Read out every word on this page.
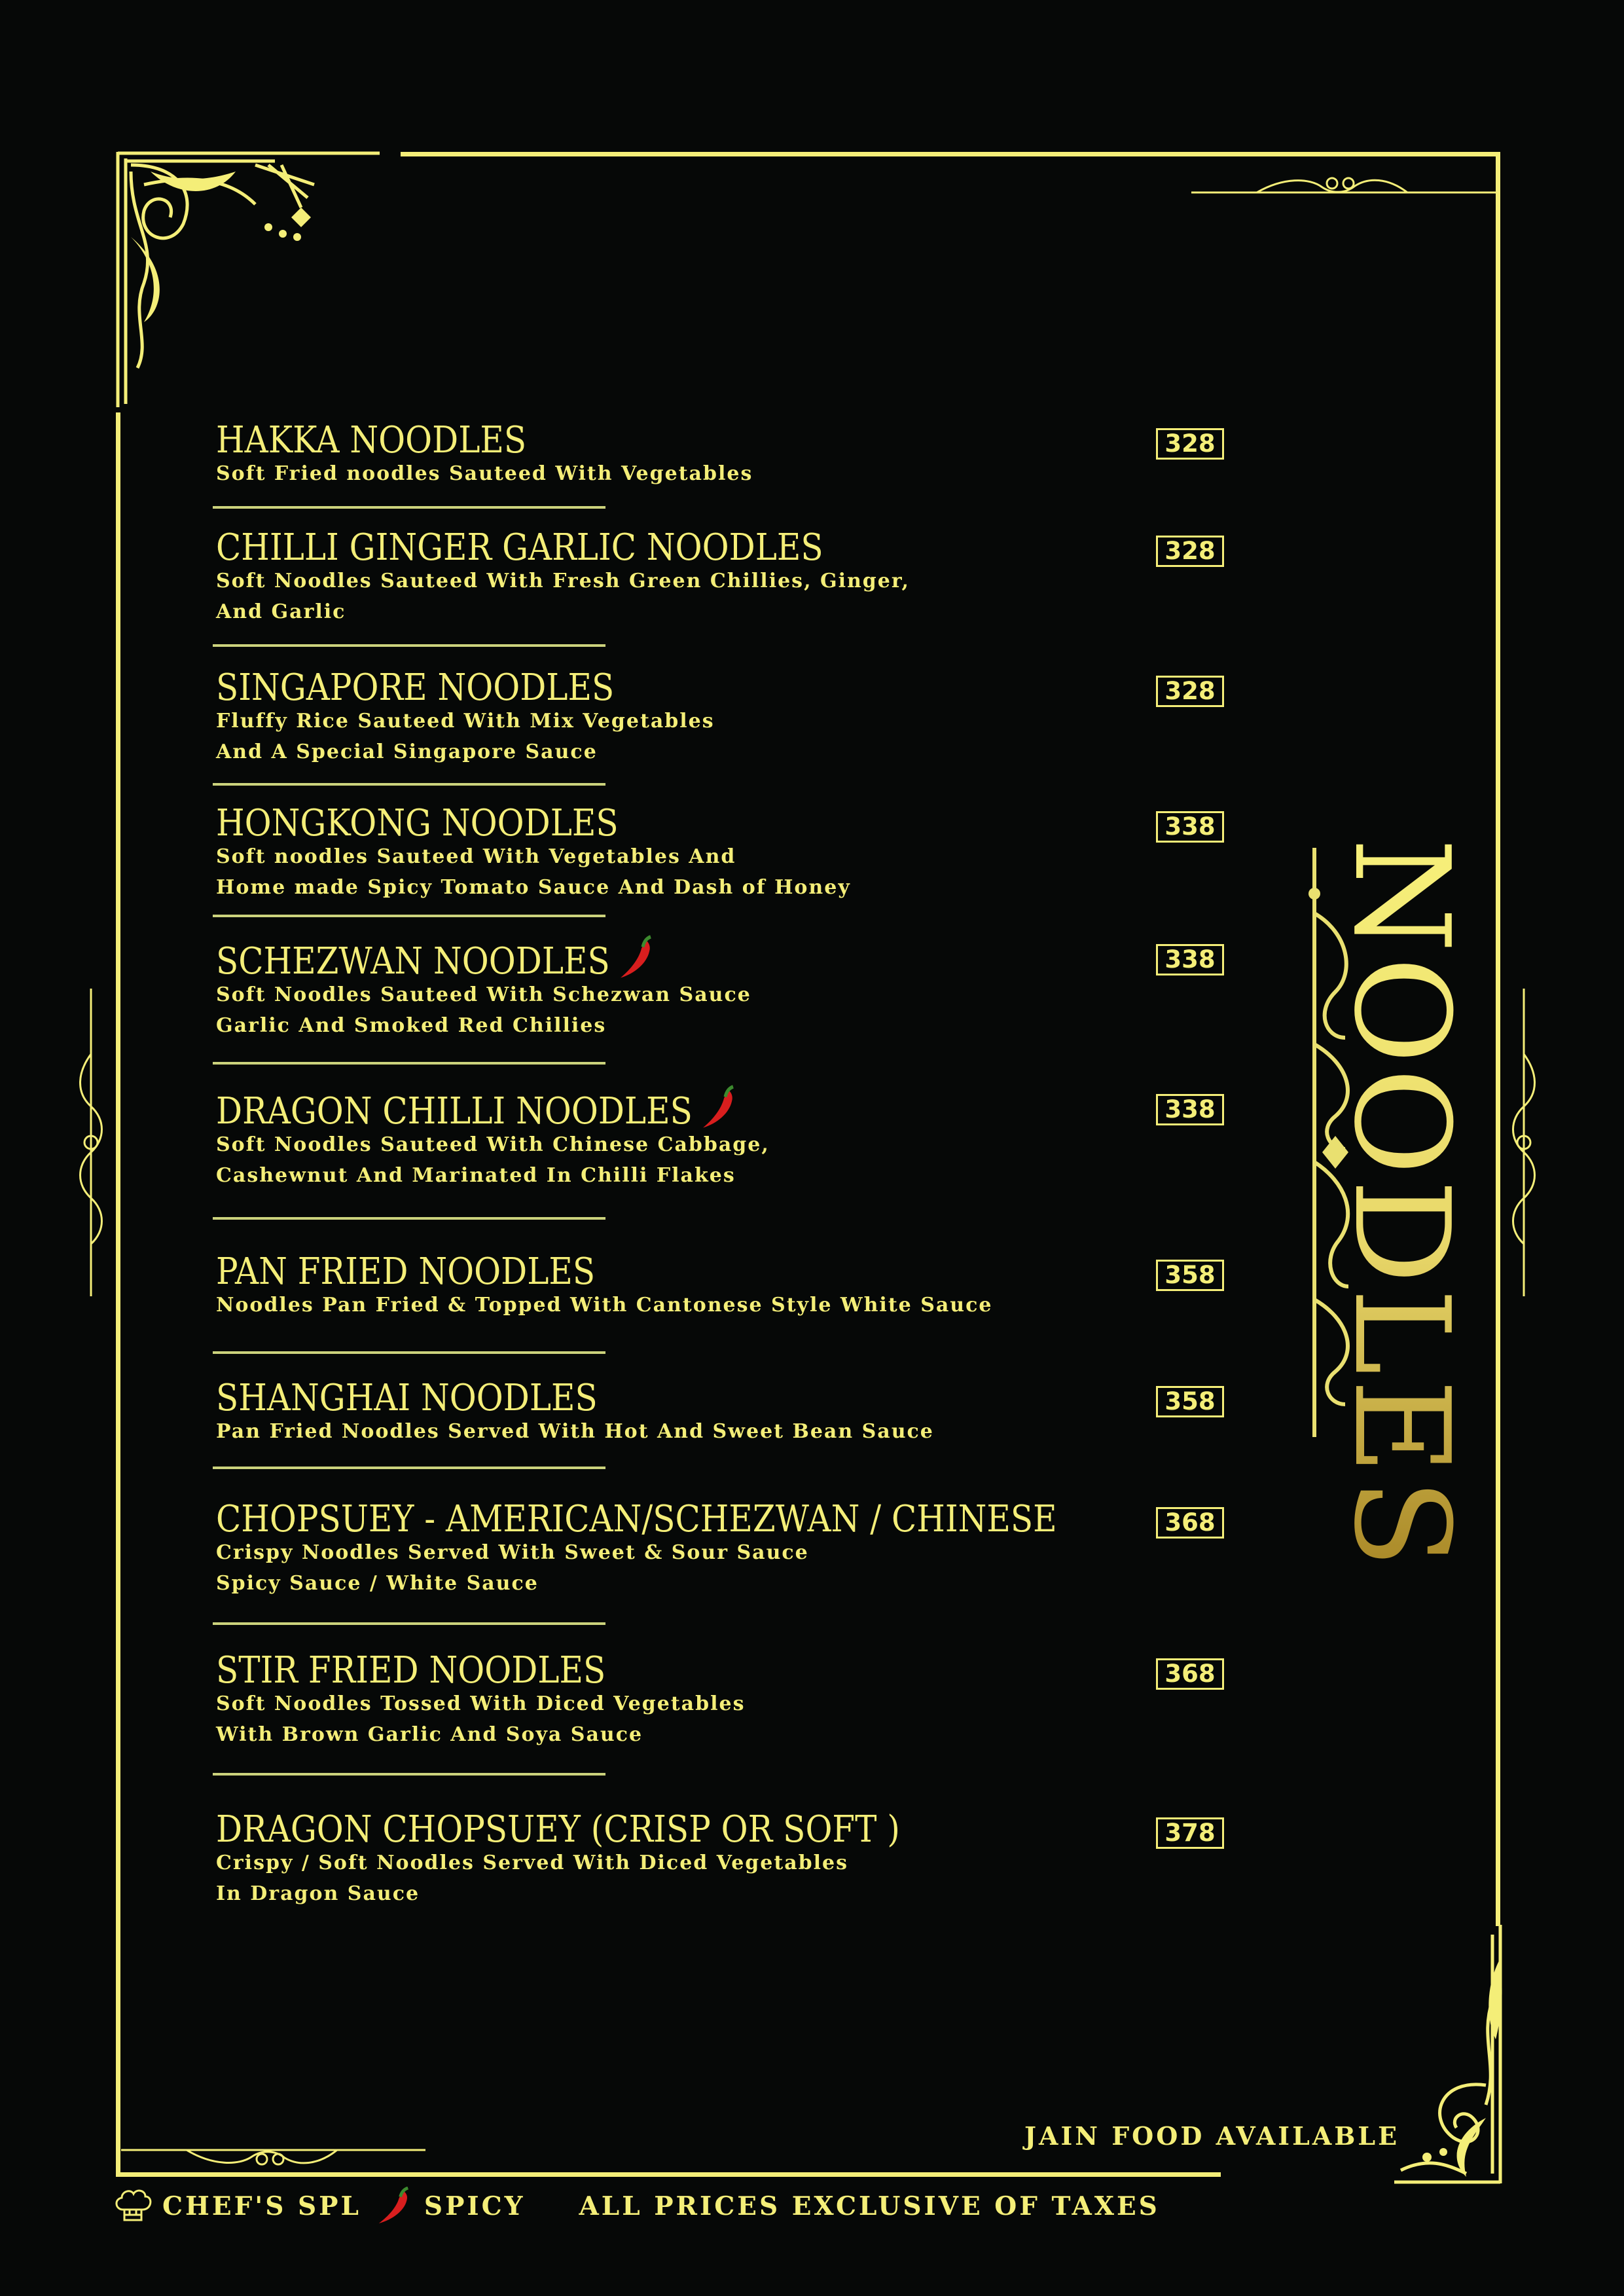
NOODLES
HAKKA NOODLES
Soft Fried noodles Sauteed With Vegetables
328
CHILLI GINGER GARLIC NOODLES
Soft Noodles Sauteed With Fresh Green Chillies, Ginger,
And Garlic
328
SINGAPORE NOODLES
Fluffy Rice Sauteed With Mix Vegetables
And A Special Singapore Sauce
328
HONGKONG NOODLES
Soft noodles Sauteed With Vegetables And
Home made Spicy Tomato Sauce And Dash of Honey
338
SCHEZWAN NOODLES
Soft Noodles Sauteed With Schezwan Sauce
Garlic And Smoked Red Chillies
338
DRAGON CHILLI NOODLES
Soft Noodles Sauteed With Chinese Cabbage,
Cashewnut And Marinated In Chilli Flakes
338
PAN FRIED NOODLES
Noodles Pan Fried & Topped With Cantonese Style White Sauce
358
SHANGHAI NOODLES
Pan Fried Noodles Served With Hot And Sweet Bean Sauce
358
CHOPSUEY - AMERICAN/SCHEZWAN / CHINESE
Crispy Noodles Served With Sweet & Sour Sauce
Spicy Sauce / White Sauce
368
STIR FRIED NOODLES
Soft Noodles Tossed With Diced Vegetables
With Brown Garlic And Soya Sauce
368
DRAGON CHOPSUEY (CRISP OR SOFT )
Crispy / Soft Noodles Served With Diced Vegetables
In Dragon Sauce
378
JAIN FOOD AVAILABLE
CHEF'S SPL SPICY ALL PRICES EXCLUSIVE OF TAXES
